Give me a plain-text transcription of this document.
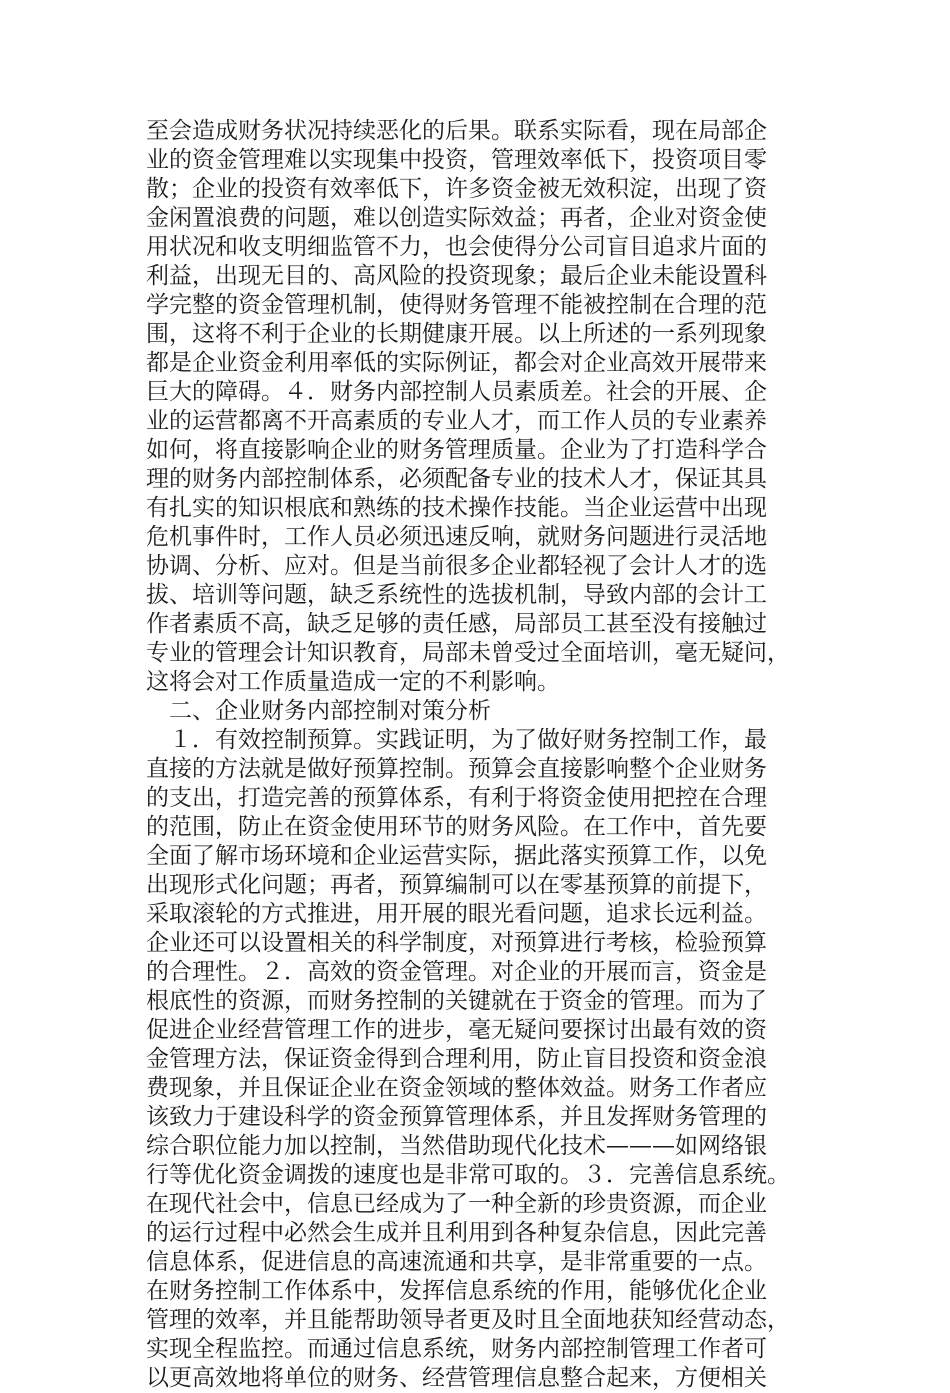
至会造成财务状况持续恶化的后果。联系实际看，现在局部企
业的资金管理难以实现集中投资，管理效率低下，投资项目零
散；企业的投资有效率低下，许多资金被无效积淀，出现了资
金闲置浪费的问题，难以创造实际效益；再者，企业对资金使
用状况和收支明细监管不力，也会使得分公司盲目追求片面的
利益，出现无目的、高风险的投资现象；最后企业未能设置科
学完整的资金管理机制，使得财务管理不能被控制在合理的范
围，这将不利于企业的长期健康开展。以上所述的一系列现象
都是企业资金利用率低的实际例证，都会对企业高效开展带来
巨大的障碍。４．财务内部控制人员素质差。社会的开展、企
业的运营都离不开高素质的专业人才，而工作人员的专业素养
如何，将直接影响企业的财务管理质量。企业为了打造科学合
理的财务内部控制体系，必须配备专业的技术人才，保证其具
有扎实的知识根底和熟练的技术操作技能。当企业运营中出现
危机事件时，工作人员必须迅速反响，就财务问题进行灵活地
协调、分析、应对。但是当前很多企业都轻视了会计人才的选
拔、培训等问题，缺乏系统性的选拔机制，导致内部的会计工
作者素质不高，缺乏足够的责任感，局部员工甚至没有接触过
专业的管理会计知识教育，局部未曾受过全面培训，毫无疑问，
这将会对工作质量造成一定的不利影响。
二、企业财务内部控制对策分析
１．有效控制预算。实践证明，为了做好财务控制工作，最
直接的方法就是做好预算控制。预算会直接影响整个企业财务
的支出，打造完善的预算体系，有利于将资金使用把控在合理
的范围，防止在资金使用环节的财务风险。在工作中，首先要
全面了解市场环境和企业运营实际，据此落实预算工作，以免
出现形式化问题；再者，预算编制可以在零基预算的前提下，
采取滚轮的方式推进，用开展的眼光看问题，追求长远利益。
企业还可以设置相关的科学制度，对预算进行考核，检验预算
的合理性。２．高效的资金管理。对企业的开展而言，资金是
根底性的资源，而财务控制的关键就在于资金的管理。而为了
促进企业经营管理工作的进步，毫无疑问要探讨出最有效的资
金管理方法，保证资金得到合理利用，防止盲目投资和资金浪
费现象，并且保证企业在资金领域的整体效益。财务工作者应
该致力于建设科学的资金预算管理体系，并且发挥财务管理的
综合职位能力加以控制，当然借助现代化技术———如网络银
行等优化资金调拨的速度也是非常可取的。３．完善信息系统。
在现代社会中，信息已经成为了一种全新的珍贵资源，而企业
的运行过程中必然会生成并且利用到各种复杂信息，因此完善
信息体系，促进信息的高速流通和共享，是非常重要的一点。
在财务控制工作体系中，发挥信息系统的作用，能够优化企业
管理的效率，并且能帮助领导者更及时且全面地获知经营动态，
实现全程监控。而通过信息系统，财务内部控制管理工作者可
以更高效地将单位的财务、经营管理信息整合起来，方便相关
